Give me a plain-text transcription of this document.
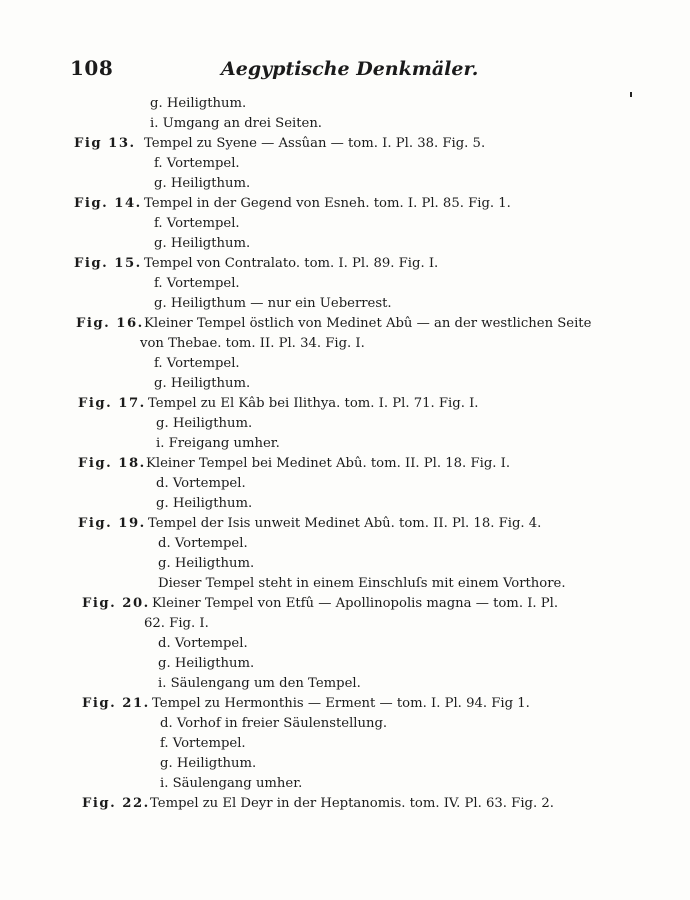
108	Aegyptische Denkmäler.
g. Heiligthum.
i. Umgang an drei Seiten.
Fig 13. Tempel zu Syene — Assûan — tom. I. Pl. 38. Fig. 5.
f. Vortempel.
g. Heiligthum.
Fig. 14. Tempel in der Gegend von Esneh. tom. I. Pl. 85. Fig. 1.
f. Vortempel.
g. Heiligthum.
Fig. 15. Tempel von Contralato. tom. I. Pl. 89. Fig. I.
f. Vortempel.
g. Heiligthum — nur ein Ueberrest.
Fig. 16. Kleiner Tempel östlich von Medinet Abû — an der westlichen Seite
von Thebae. tom. II. Pl. 34. Fig. I.
f. Vortempel.
g. Heiligthum.
Fig. 17. Tempel zu El Kâb bei Ilithya. tom. I. Pl. 71. Fig. I.
g. Heiligthum.
i. Freigang umher.
Fig. 18. Kleiner Tempel bei Medinet Abû. tom. II. Pl. 18. Fig. I.
d. Vortempel.
g. Heiligthum.
Fig. 19. Tempel der Isis unweit Medinet Abû. tom. II. Pl. 18. Fig. 4.
d. Vortempel.
g. Heiligthum.
Dieser Tempel steht in einem Einschluſs mit einem Vorthore.
Fig. 20. Kleiner Tempel von Etfû — Apollinopolis magna — tom. I. Pl.
62. Fig. I.
d. Vortempel.
g. Heiligthum.
i. Säulengang um den Tempel.
Fig. 21. Tempel zu Hermonthis — Erment — tom. I. Pl. 94. Fig 1.
d. Vorhof in freier Säulenstellung.
f. Vortempel.
g. Heiligthum.
i. Säulengang umher.
Fig. 22. Tempel zu El Deyr in der Heptanomis. tom. IV. Pl. 63. Fig. 2.
